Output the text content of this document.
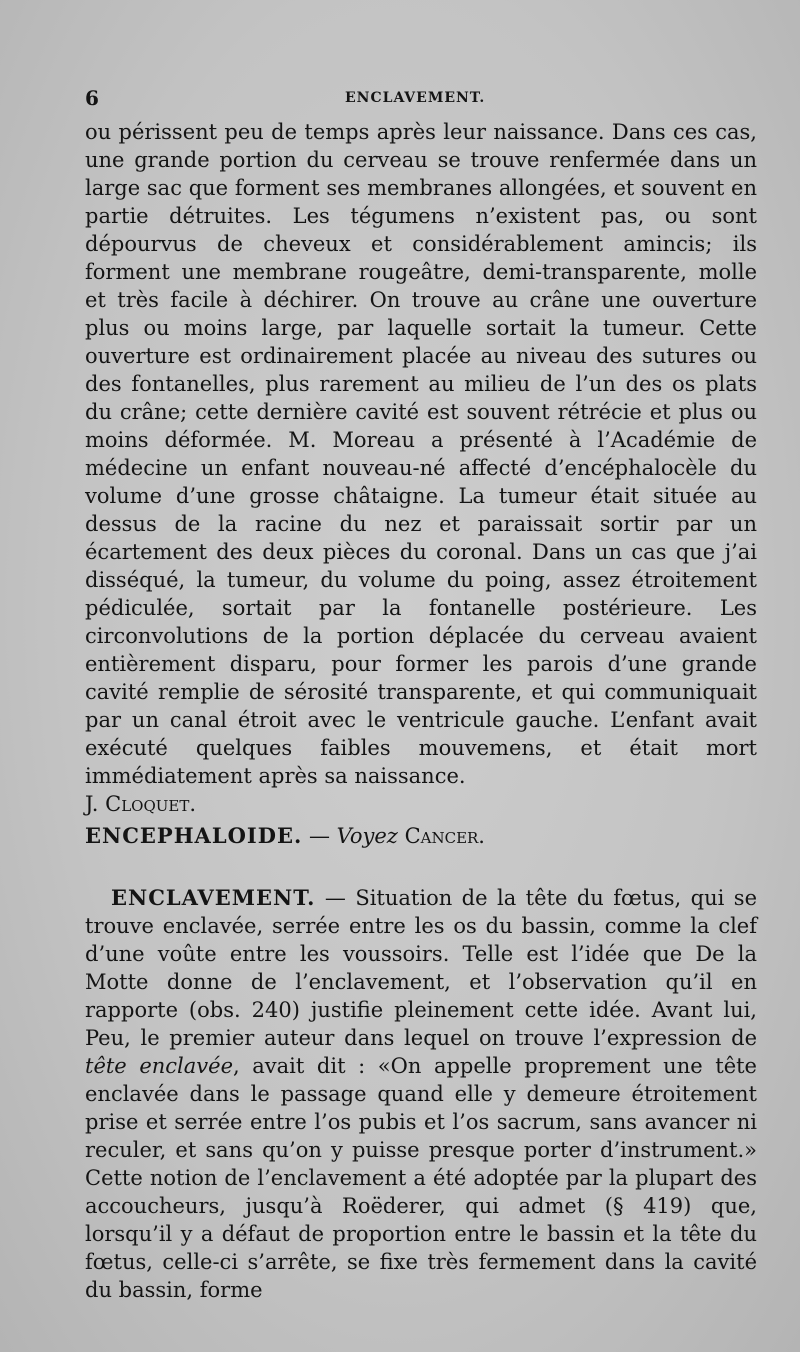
6	ENCLAVEMENT.

ou périssent peu de temps après leur naissance. Dans ces cas, une grande portion du cerveau se trouve renfermée dans un large sac que forment ses membranes allongées, et souvent en partie détruites. Les tégumens n’existent pas, ou sont dépourvus de cheveux et considérablement amincis; ils forment une membrane rougeâtre, demi-transparente, molle et très facile à déchirer. On trouve au crâne une ouverture plus ou moins large, par laquelle sortait la tumeur. Cette ouverture est ordinairement placée au niveau des sutures ou des fontanelles, plus rarement au milieu de l’un des os plats du crâne; cette dernière cavité est souvent rétrécie et plus ou moins déformée. M. Moreau a présenté à l’Académie de médecine un enfant nouveau-né affecté d’encéphalocèle du volume d’une grosse châtaigne. La tumeur était située au dessus de la racine du nez et paraissait sortir par un écartement des deux pièces du coronal. Dans un cas que j’ai disséqué, la tumeur, du volume du poing, assez étroitement pédiculée, sortait par la fontanelle postérieure. Les circonvolutions de la portion déplacée du cerveau avaient entièrement disparu, pour former les parois d’une grande cavité remplie de sérosité transparente, et qui communiquait par un canal étroit avec le ventricule gauche. L’enfant avait exécuté quelques faibles mouvemens, et était mort immédiatement après sa naissance.

J. Cloquet.

ENCEPHALOIDE. — Voyez Cancer.

ENCLAVEMENT. — Situation de la tête du fœtus, qui se trouve enclavée, serrée entre les os du bassin, comme la clef d’une voûte entre les voussoirs. Telle est l’idée que De la Motte donne de l’enclavement, et l’observation qu’il en rapporte (obs. 240) justifie pleinement cette idée. Avant lui, Peu, le premier auteur dans lequel on trouve l’expression de tête enclavée, avait dit : «On appelle proprement une tête enclavée dans le passage quand elle y demeure étroitement prise et serrée entre l’os pubis et l’os sacrum, sans avancer ni reculer, et sans qu’on y puisse presque porter d’instrument.» Cette notion de l’enclavement a été adoptée par la plupart des accoucheurs, jusqu’à Roëderer, qui admet (§ 419) que, lorsqu’il y a défaut de proportion entre le bassin et la tête du fœtus, celle-ci s’arrête, se fixe très fermement dans la cavité du bassin, forme
